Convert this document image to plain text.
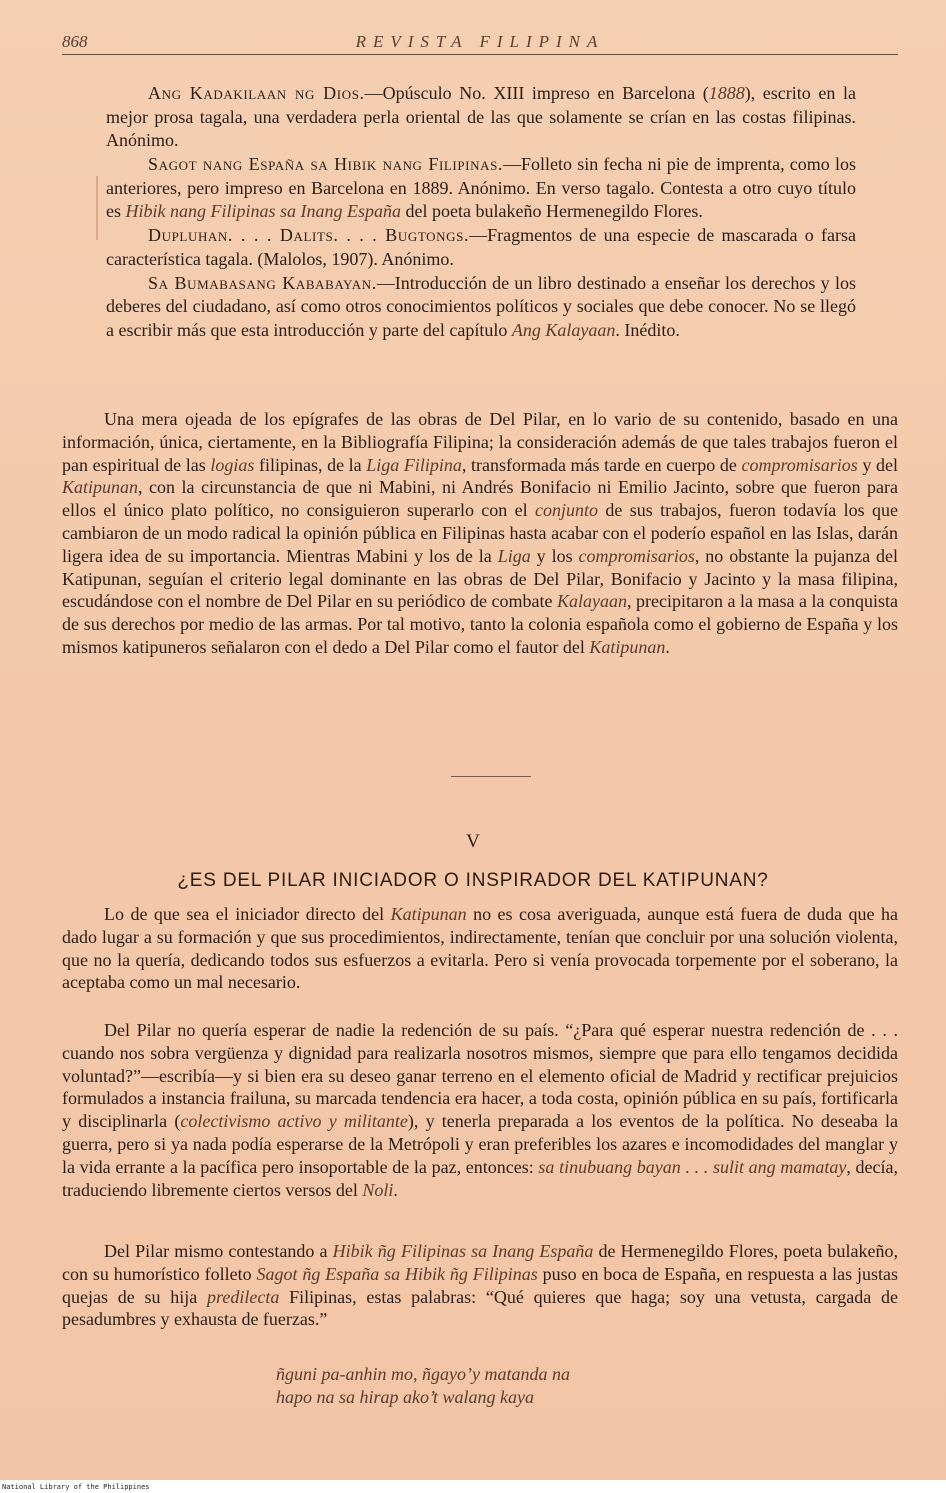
868	REVISTA FILIPINA

Ang Kadakilaan ng Dios.—Opúsculo No. XIII impreso en Barcelona (1888), escrito en la mejor prosa tagala, una verdadera perla oriental de las que solamente se crían en las costas filipinas. Anónimo.

Sagot nang España sa Hibik nang Filipinas.—Folleto sin fecha ni pie de imprenta, como los anteriores, pero impreso en Barcelona en 1889. Anónimo. En verso tagalo. Contesta a otro cuyo título es Hibik nang Filipinas sa Inang España del poeta bulakeño Hermenegildo Flores.

Dupluhan. . . . Dalits. . . . Bugtongs.—Fragmentos de una especie de mascarada o farsa característica tagala. (Malolos, 1907). Anónimo.

Sa Bumabasang Kababayan.—Introducción de un libro destinado a enseñar los derechos y los deberes del ciudadano, así como otros conocimientos políticos y sociales que debe conocer. No se llegó a escribir más que esta introducción y parte del capítulo Ang Kalayaan. Inédito.

Una mera ojeada de los epígrafes de las obras de Del Pilar, en lo vario de su contenido, basado en una información, única, ciertamente, en la Bibliografía Filipina; la consideración además de que tales trabajos fueron el pan espiritual de las logias filipinas, de la Liga Filipina, transformada más tarde en cuerpo de compromisarios y del Katipunan, con la circunstancia de que ni Mabini, ni Andrés Bonifacio ni Emilio Jacinto, sobre que fueron para ellos el único plato político, no consiguieron superarlo con el conjunto de sus trabajos, fueron todavía los que cambiaron de un modo radical la opinión pública en Filipinas hasta acabar con el poderío español en las Islas, darán ligera idea de su importancia. Mientras Mabini y los de la Liga y los compromisarios, no obstante la pujanza del Katipunan, seguían el criterio legal dominante en las obras de Del Pilar, Bonifacio y Jacinto y la masa filipina, escudándose con el nombre de Del Pilar en su periódico de combate Kalayaan, precipitaron a la masa a la conquista de sus derechos por medio de las armas. Por tal motivo, tanto la colonia española como el gobierno de España y los mismos katipuneros señalaron con el dedo a Del Pilar como el fautor del Katipunan.

V
¿ES DEL PILAR INICIADOR O INSPIRADOR DEL KATIPUNAN?

Lo de que sea el iniciador directo del Katipunan no es cosa averiguada, aunque está fuera de duda que ha dado lugar a su formación y que sus procedimientos, indirectamente, tenían que concluir por una solución violenta, que no la quería, dedicando todos sus esfuerzos a evitarla. Pero si venía provocada torpemente por el soberano, la aceptaba como un mal necesario.

Del Pilar no quería esperar de nadie la redención de su país. “¿Para qué esperar nuestra redención de . . . cuando nos sobra vergüenza y dignidad para realizarla nosotros mismos, siempre que para ello tengamos decidida voluntad?”—escribía—y si bien era su deseo ganar terreno en el elemento oficial de Madrid y rectificar prejuicios formulados a instancia frailuna, su marcada tendencia era hacer, a toda costa, opinión pública en su país, fortificarla y disciplinarla (colectivismo activo y militante), y tenerla preparada a los eventos de la política. No deseaba la guerra, pero si ya nada podía esperarse de la Metrópoli y eran preferibles los azares e incomodidades del manglar y la vida errante a la pacífica pero insoportable de la paz, entonces: sa tinubuang bayan . . . sulit ang mamatay, decía, traduciendo libremente ciertos versos del Noli.

Del Pilar mismo contestando a Hibik ñg Filipinas sa Inang España de Hermenegildo Flores, poeta bulakeño, con su humorístico folleto Sagot ñg España sa Hibik ñg Filipinas puso en boca de España, en respuesta a las justas quejas de su hija predilecta Filipinas, estas palabras: “Qué quieres que haga; soy una vetusta, cargada de pesadumbres y exhausta de fuerzas.”

ñguni pa-anhin mo, ñgayo’y matanda na
hapo na sa hirap ako’t walang kaya
National Library of the Philippines
